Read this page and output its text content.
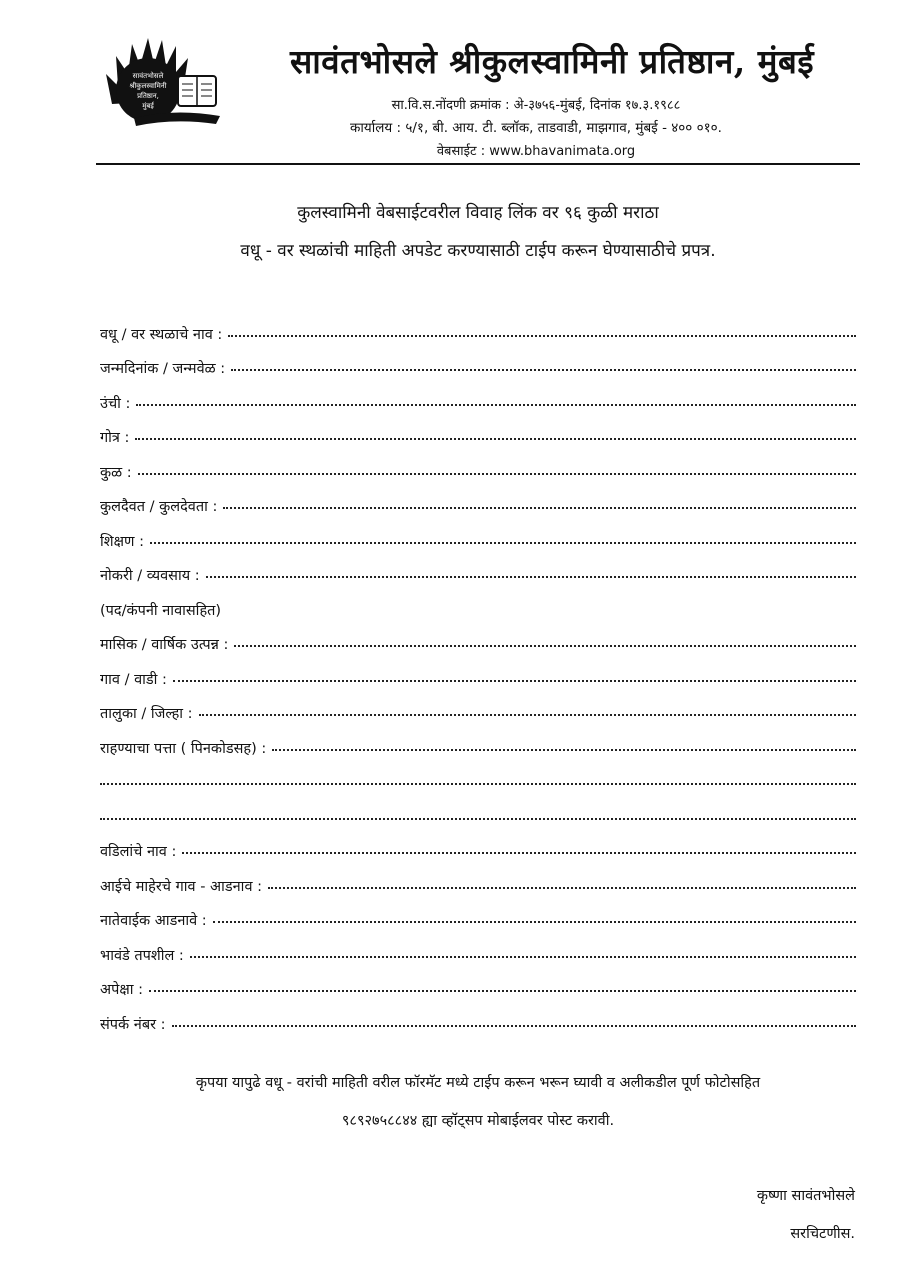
सावंतभोसले
श्रीकुलस्वामिनी
प्रतिष्ठान,
मुंबई
सावंतभोसले श्रीकुलस्वामिनी प्रतिष्ठान, मुंबई
सा.वि.स.नोंदणी क्रमांक : अे-३७५६-मुंबई, दिनांक १७.३.१९८८
कार्यालय : ५/१, बी. आय. टी. ब्लॉक, ताडवाडी, माझगाव, मुंबई - ४०० ०१०.
वेबसाईट : www.bhavanimata.org
कुलस्वामिनी वेबसाईटवरील विवाह लिंक वर ९६ कुळी मराठा
वधू - वर स्थळांची माहिती अपडेट करण्यासाठी टाईप करून घेण्यासाठीचे प्रपत्र.
वधू / वर स्थळाचे नाव :
जन्मदिनांक / जन्मवेळ :
उंची :
गोत्र :
कुळ :
कुलदैवत / कुलदेवता :
शिक्षण :
नोकरी / व्यवसाय :
(पद/कंपनी नावासहित)
मासिक / वार्षिक उत्पन्न :
गाव / वाडी :
तालुका / जिल्हा :
राहण्याचा पत्ता ( पिनकोडसह) :
वडिलांचे नाव :
आईचे माहेरचे गाव - आडनाव :
नातेवाईक आडनावे :
भावंडे तपशील :
अपेक्षा :
संपर्क नंबर :
कृपया यापुढे वधू - वरांची माहिती वरील फॉरमॅट मध्ये टाईप करून भरून घ्यावी व अलीकडील पूर्ण फोटोसहित
९८९२७५८८४४ ह्या व्हॉट्सप मोबाईलवर पोस्ट करावी.
कृष्णा सावंतभोसले
सरचिटणीस.
